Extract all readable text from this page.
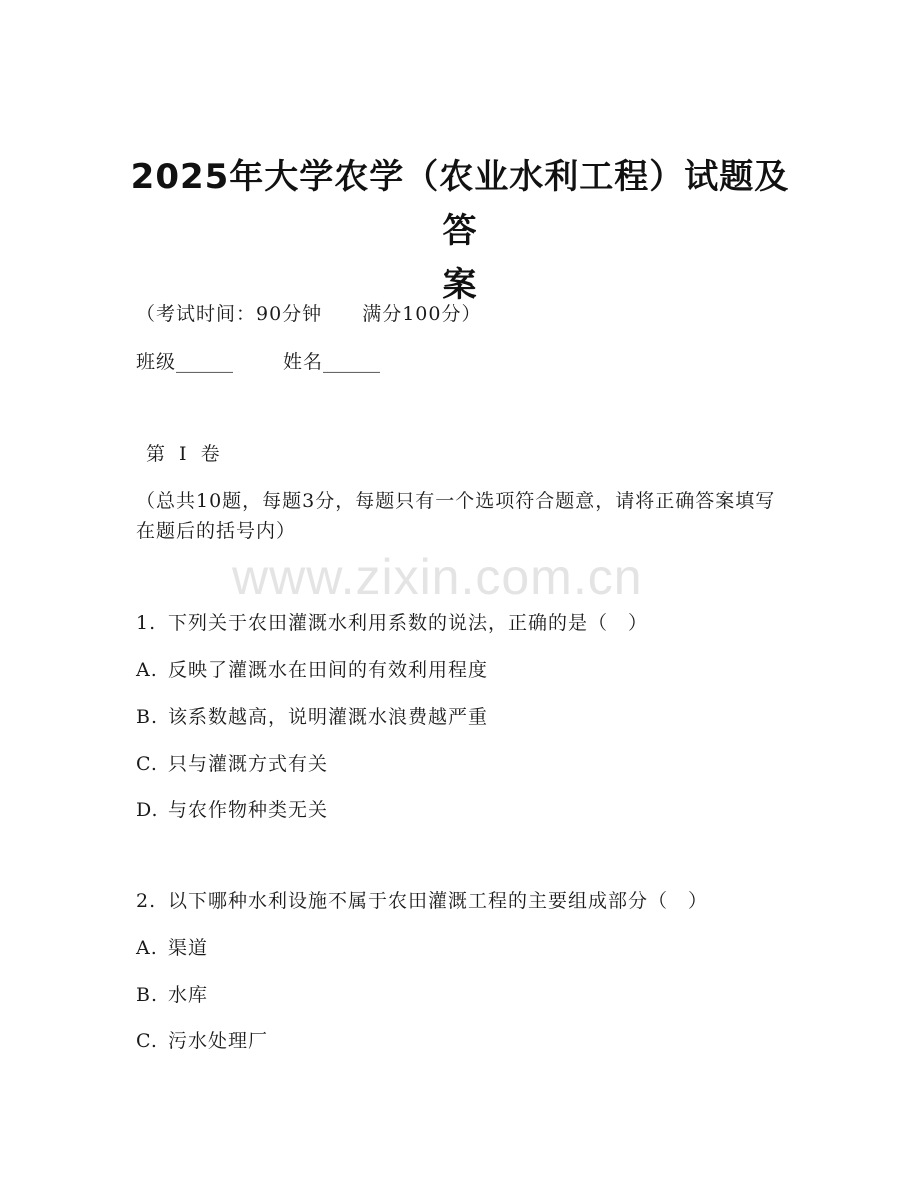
2025年大学农学（农业水利工程）试题及答
案
（考试时间：90分钟 满分100分）
班级______	姓名______
第 I 卷
（总共10题，每题3分，每题只有一个选项符合题意，请将正确答案填写在题后的括号内）
www.zixin.com.cn
1. 下列关于农田灌溉水利用系数的说法，正确的是（　）
A. 反映了灌溉水在田间的有效利用程度
B. 该系数越高，说明灌溉水浪费越严重
C. 只与灌溉方式有关
D. 与农作物种类无关
2. 以下哪种水利设施不属于农田灌溉工程的主要组成部分（　）
A. 渠道
B. 水库
C. 污水处理厂
